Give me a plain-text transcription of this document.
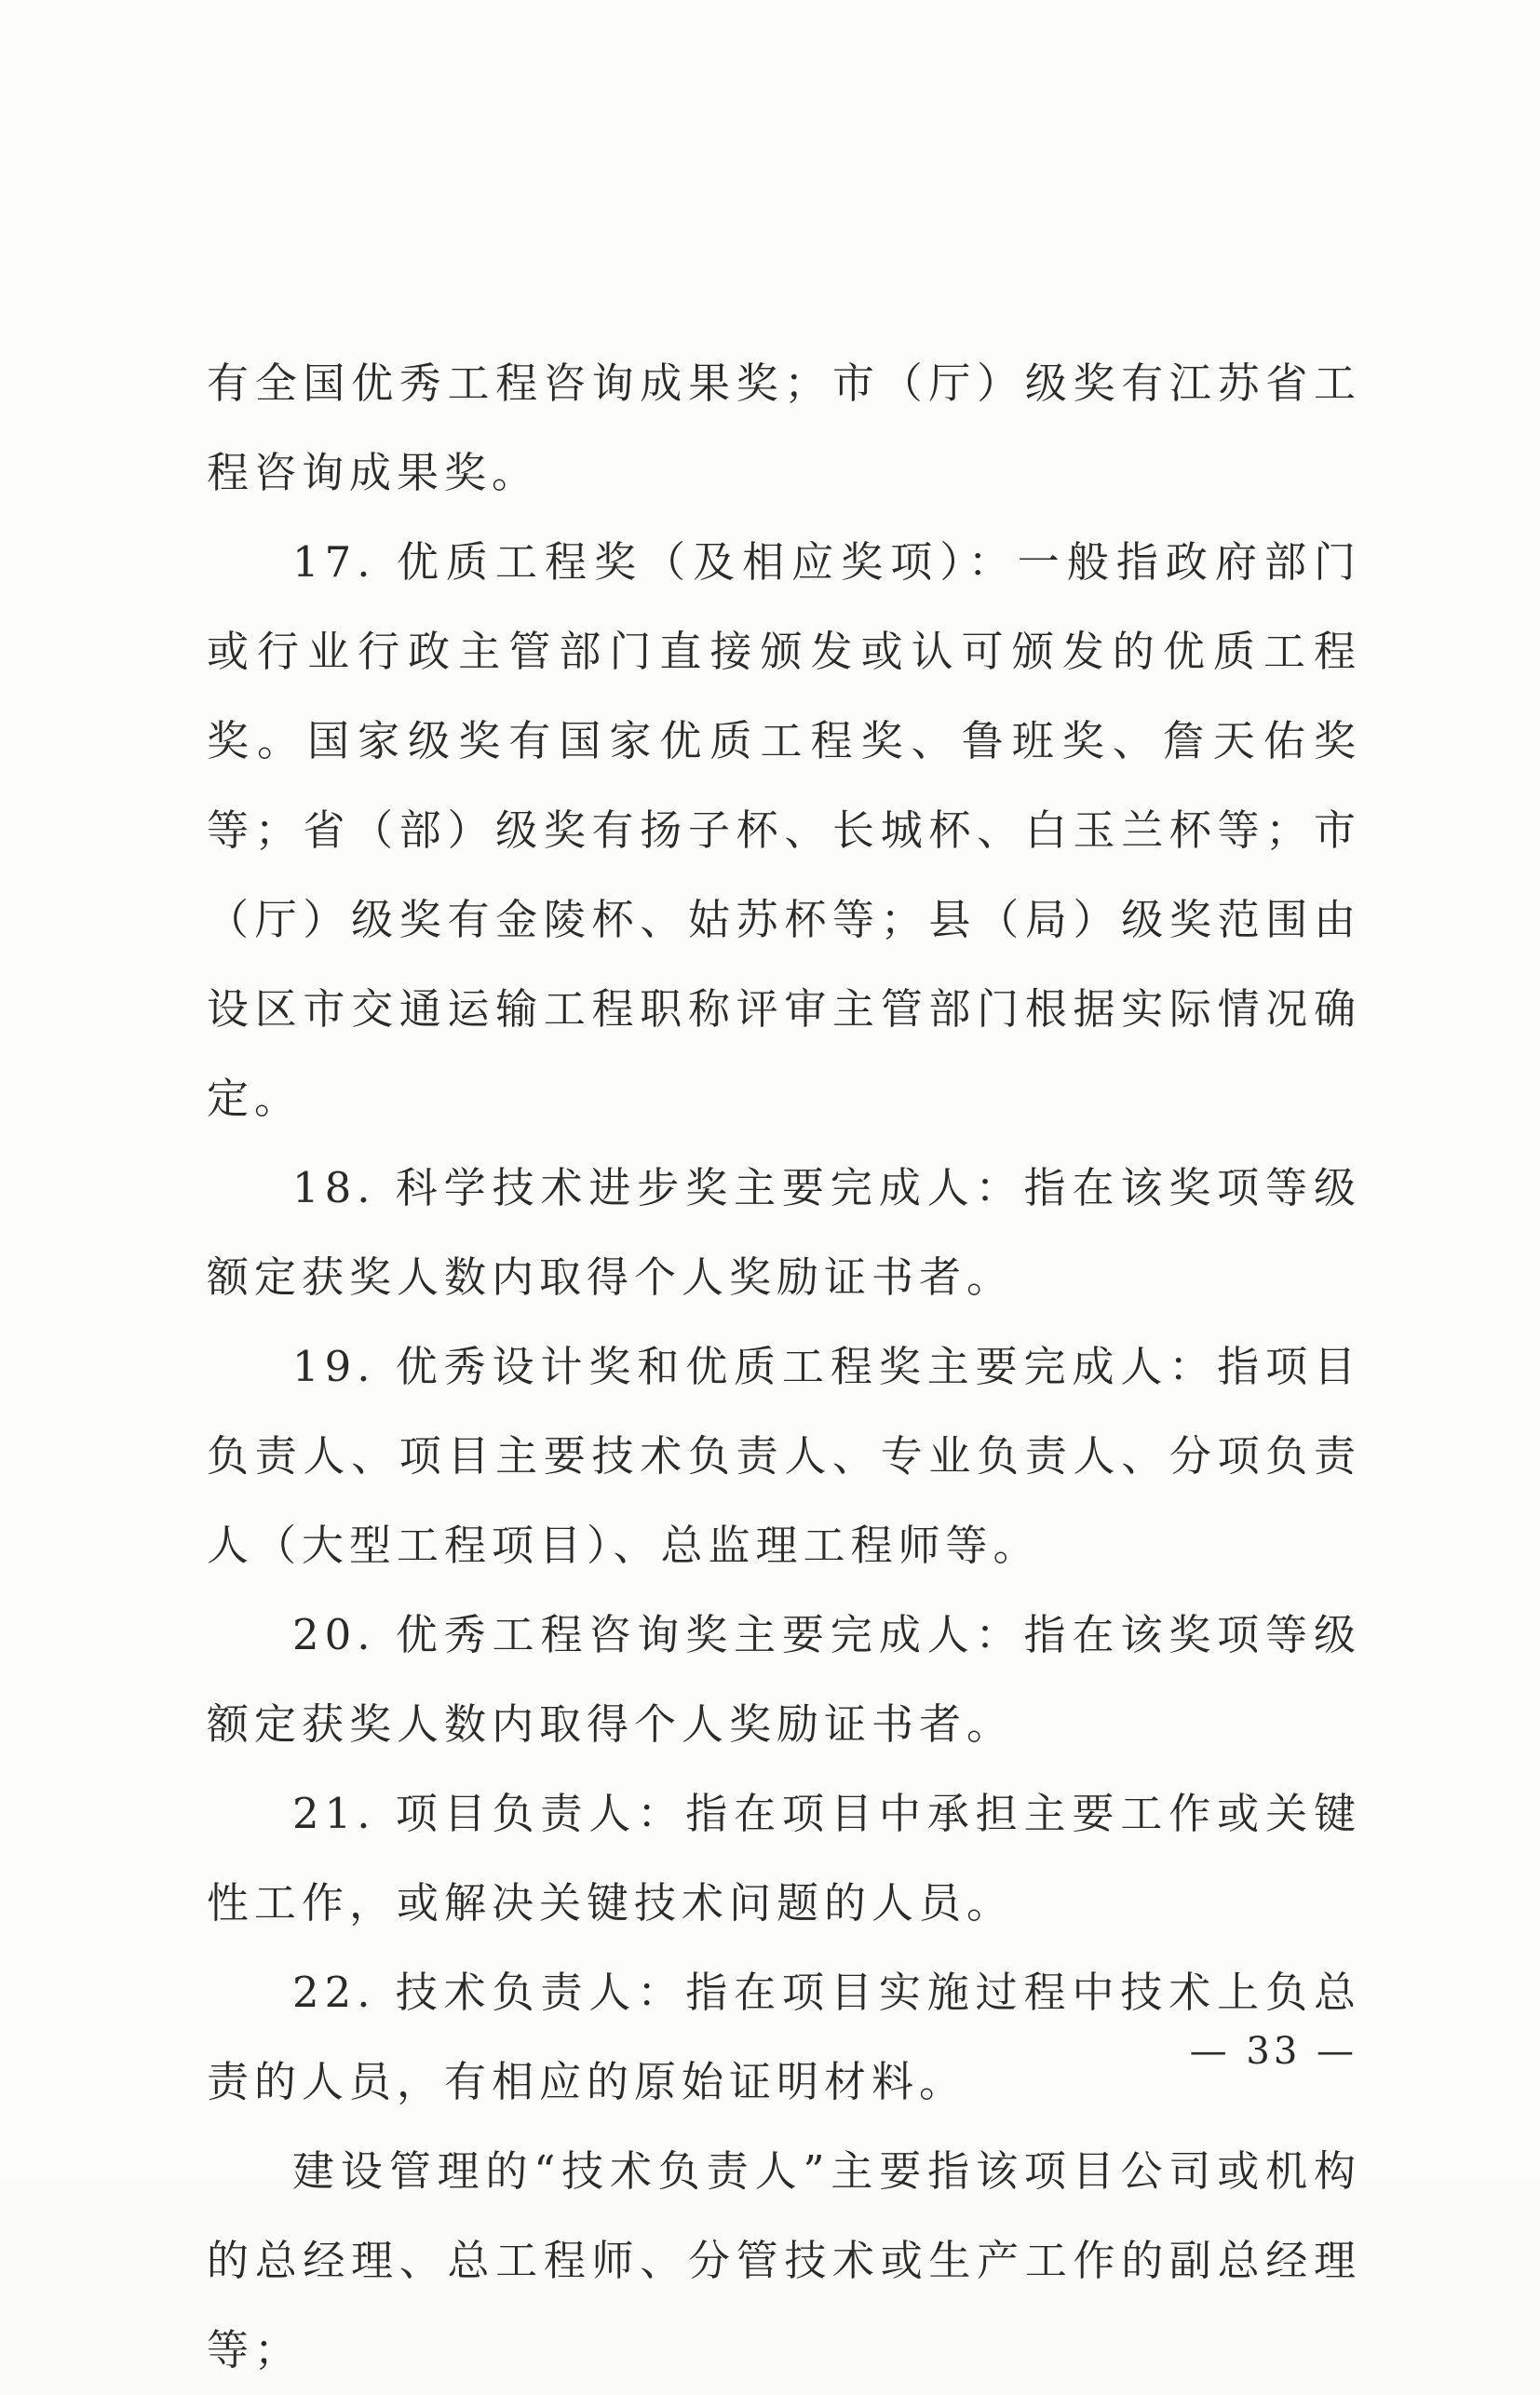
有全国优秀工程咨询成果奖；市（厅）级奖有江苏省工程咨询成果奖。

17. 优质工程奖（及相应奖项）：一般指政府部门或行业行政主管部门直接颁发或认可颁发的优质工程奖。国家级奖有国家优质工程奖、鲁班奖、詹天佑奖等；省（部）级奖有扬子杯、长城杯、白玉兰杯等；市（厅）级奖有金陵杯、姑苏杯等；县（局）级奖范围由设区市交通运输工程职称评审主管部门根据实际情况确定。

18. 科学技术进步奖主要完成人：指在该奖项等级额定获奖人数内取得个人奖励证书者。

19. 优秀设计奖和优质工程奖主要完成人：指项目负责人、项目主要技术负责人、专业负责人、分项负责人（大型工程项目）、总监理工程师等。

20. 优秀工程咨询奖主要完成人：指在该奖项等级额定获奖人数内取得个人奖励证书者。

21. 项目负责人：指在项目中承担主要工作或关键性工作，或解决关键技术问题的人员。

22. 技术负责人：指在项目实施过程中技术上负总责的人员，有相应的原始证明材料。

建设管理的“技术负责人”主要指该项目公司或机构的总经理、总工程师、分管技术或生产工作的副总经理等；

— 33 —
